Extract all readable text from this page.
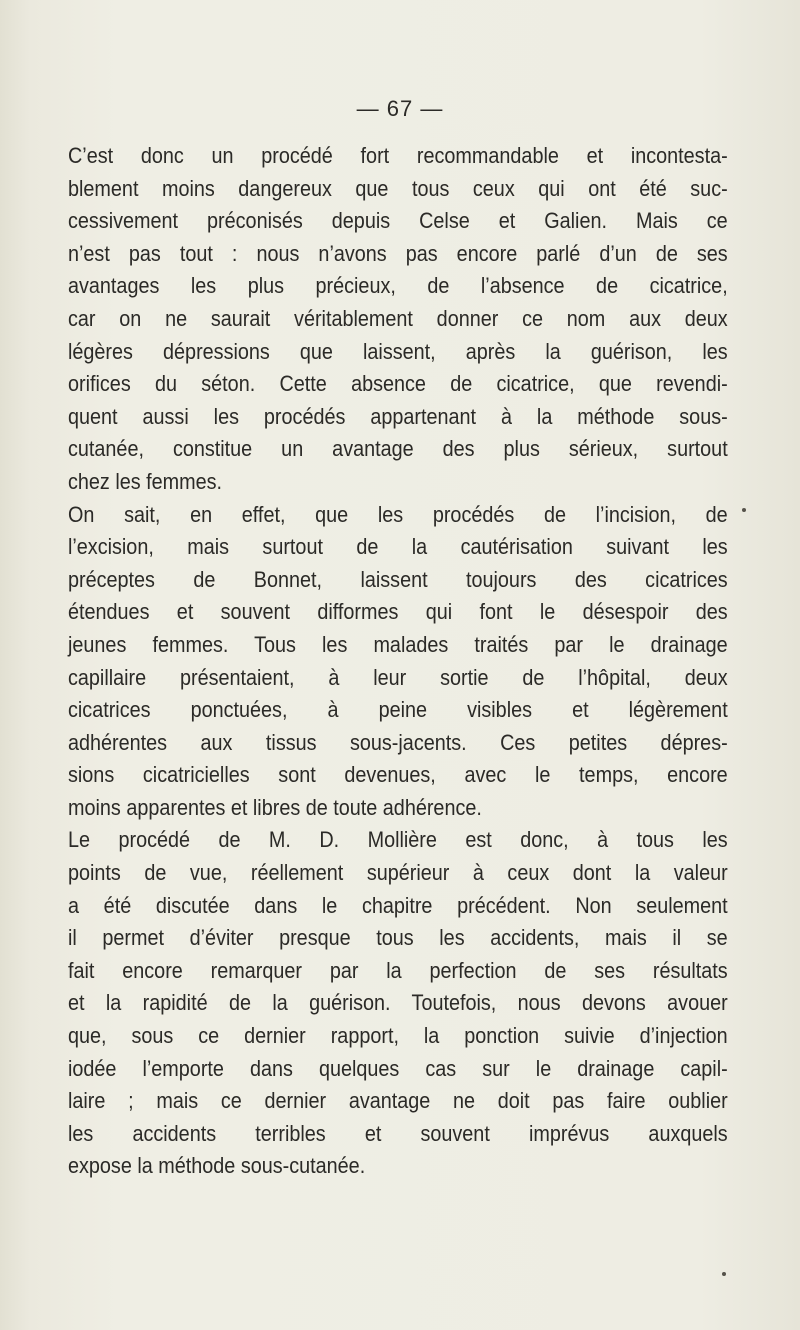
— 67 —
C’est donc un procédé fort recommandable et incontesta-
blement moins dangereux que tous ceux qui ont été suc-
cessivement préconisés depuis Celse et Galien. Mais ce
n’est pas tout : nous n’avons pas encore parlé d’un de ses
avantages les plus précieux, de l’absence de cicatrice,
car on ne saurait véritablement donner ce nom aux deux
légères dépressions que laissent, après la guérison, les
orifices du séton. Cette absence de cicatrice, que revendi-
quent aussi les procédés appartenant à la méthode sous-
cutanée, constitue un avantage des plus sérieux, surtout
chez les femmes.
On sait, en effet, que les procédés de l’incision, de
l’excision, mais surtout de la cautérisation suivant les
préceptes de Bonnet, laissent toujours des cicatrices
étendues et souvent difformes qui font le désespoir des
jeunes femmes. Tous les malades traités par le drainage
capillaire présentaient, à leur sortie de l’hôpital, deux
cicatrices ponctuées, à peine visibles et légèrement
adhérentes aux tissus sous-jacents. Ces petites dépres-
sions cicatricielles sont devenues, avec le temps, encore
moins apparentes et libres de toute adhérence.
Le procédé de M. D. Mollière est donc, à tous les
points de vue, réellement supérieur à ceux dont la valeur
a été discutée dans le chapitre précédent. Non seulement
il permet d’éviter presque tous les accidents, mais il se
fait encore remarquer par la perfection de ses résultats
et la rapidité de la guérison. Toutefois, nous devons avouer
que, sous ce dernier rapport, la ponction suivie d’injection
iodée l’emporte dans quelques cas sur le drainage capil-
laire ; mais ce dernier avantage ne doit pas faire oublier
les accidents terribles et souvent imprévus auxquels
expose la méthode sous-cutanée.
